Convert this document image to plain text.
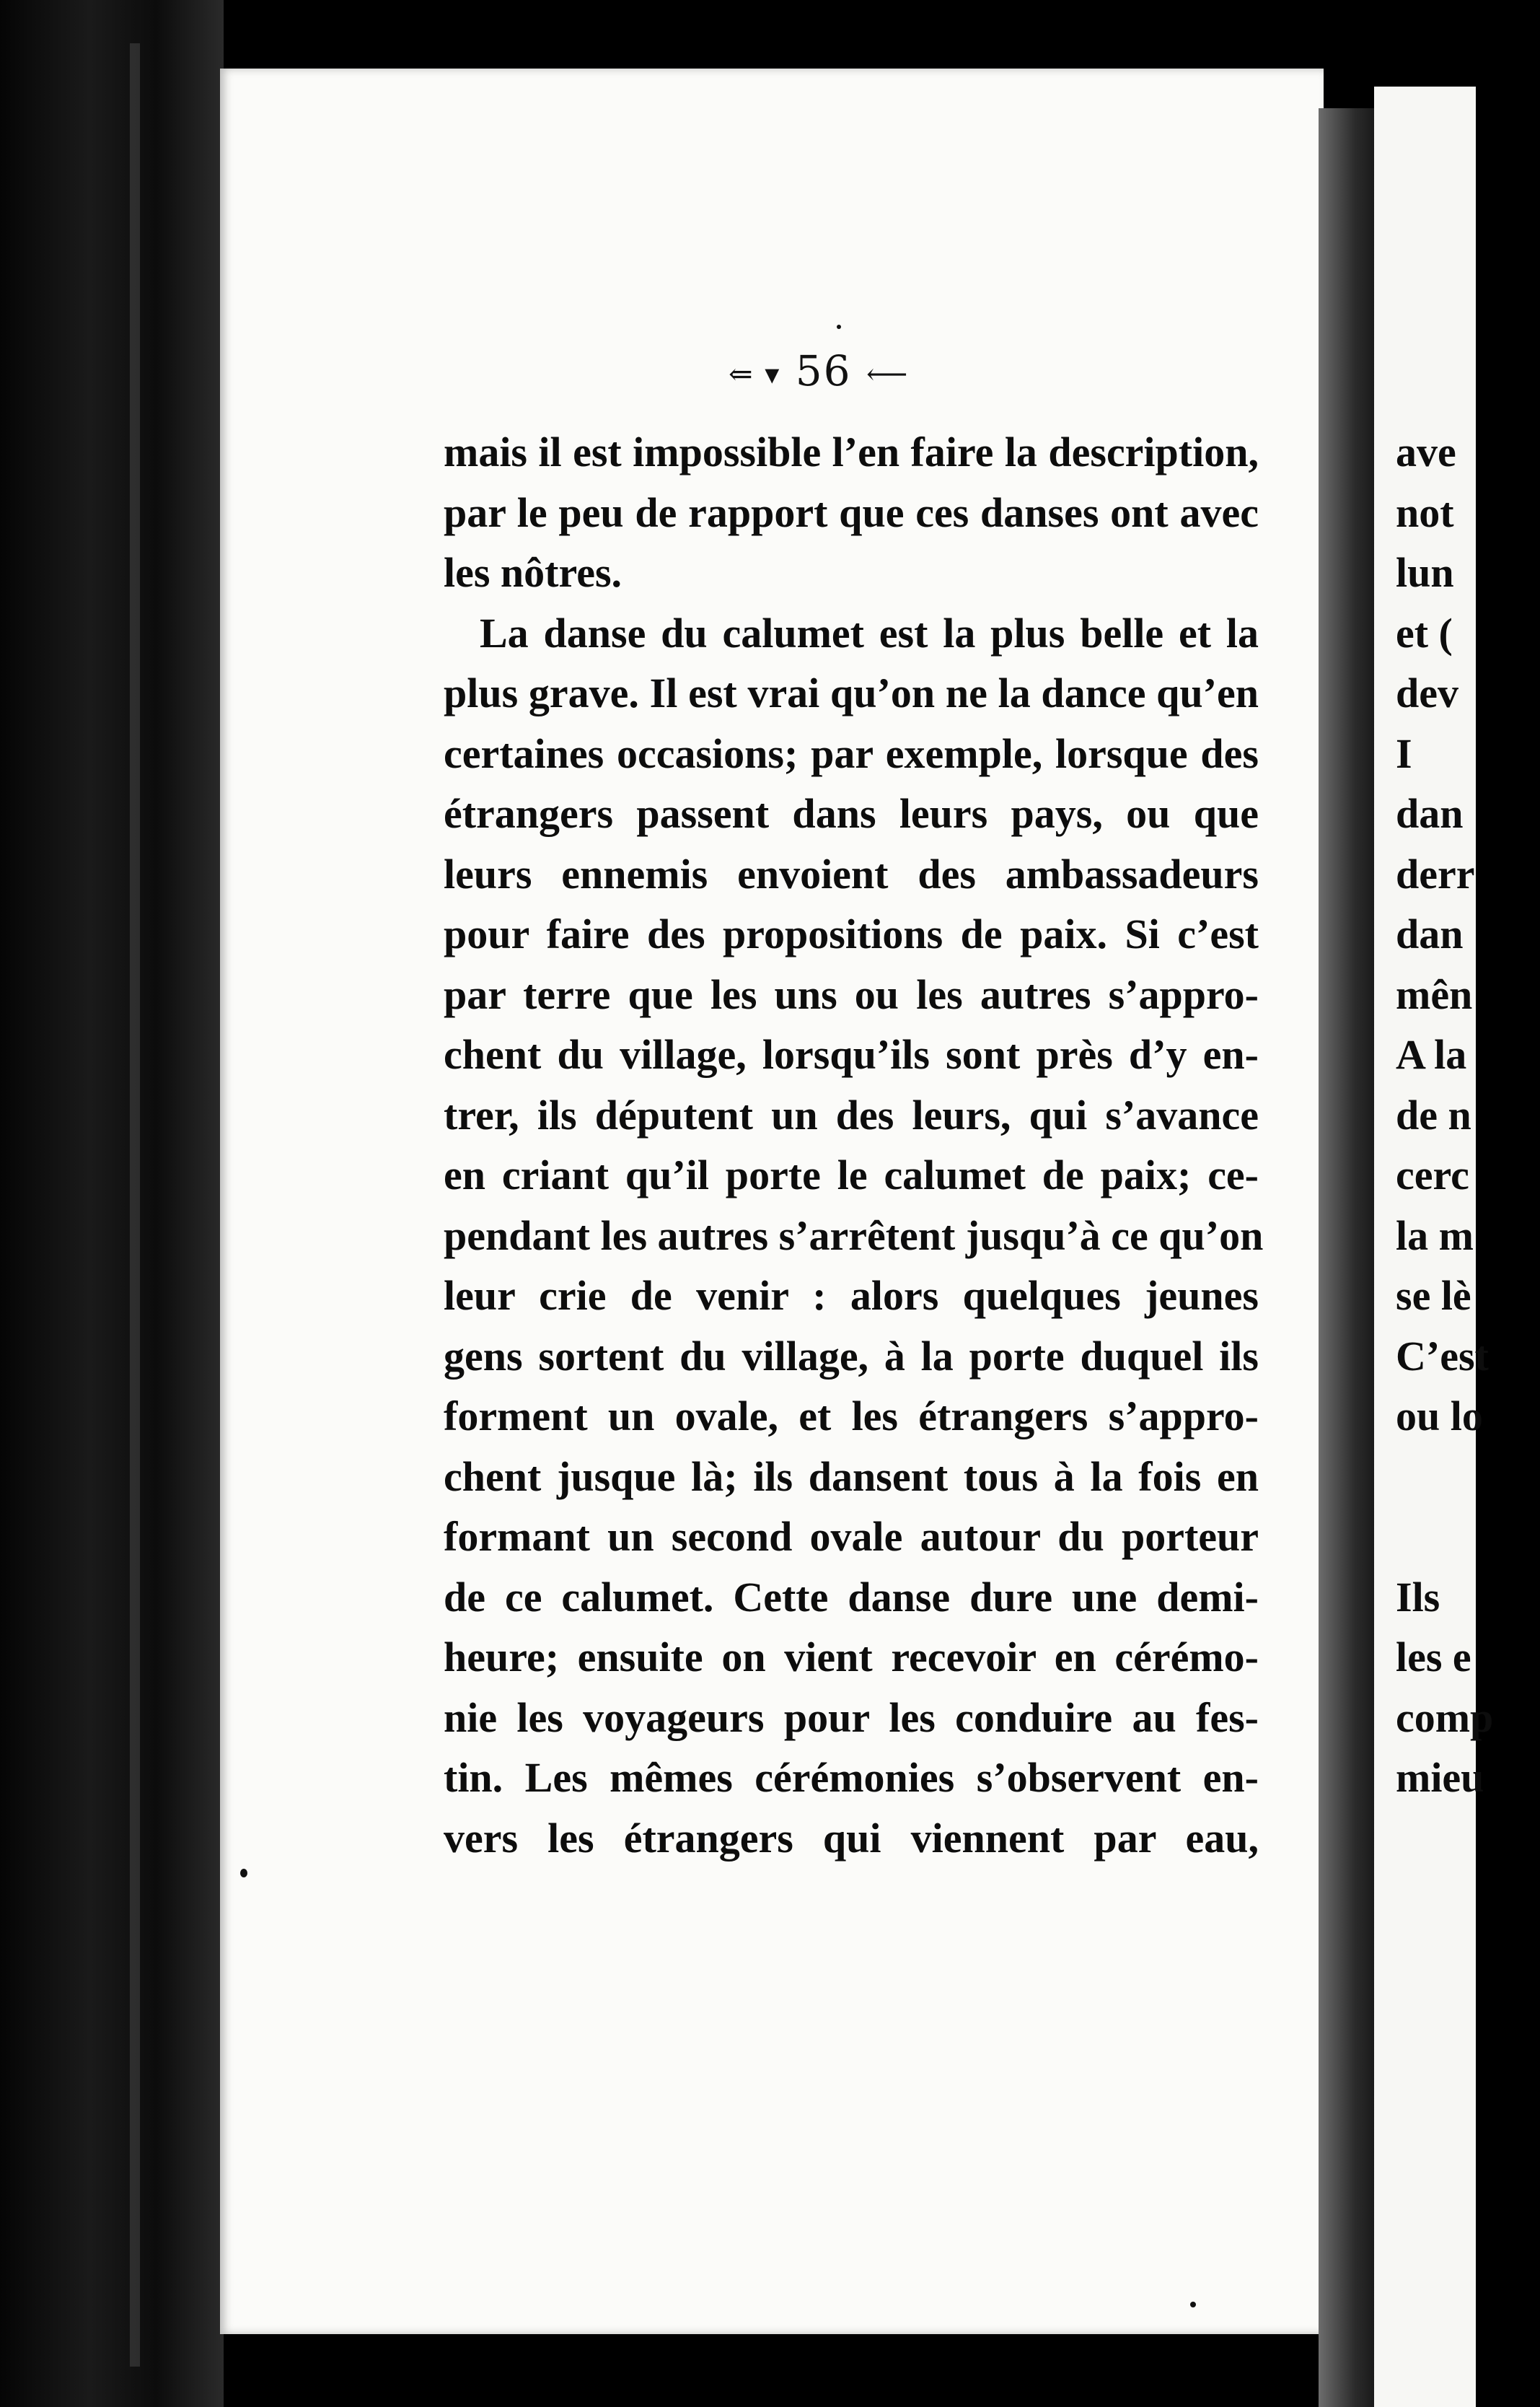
⇐ ▾ 56 ⟵
mais il est impossible l’en faire la description,
par le peu de rapport que ces danses ont avec
les nôtres.
La danse du calumet est la plus belle et la
plus grave. Il est vrai qu’on ne la dance qu’en
certaines occasions; par exemple, lorsque des
étrangers passent dans leurs pays, ou que
leurs ennemis envoient des ambassadeurs
pour faire des propositions de paix. Si c’est
par terre que les uns ou les autres s’appro-
chent du village, lorsqu’ils sont près d’y en-
trer, ils députent un des leurs, qui s’avance
en criant qu’il porte le calumet de paix; ce-
pendant les autres s’arrêtent jusqu’à ce qu’on
leur crie de venir : alors quelques jeunes
gens sortent du village, à la porte duquel ils
forment un ovale, et les étrangers s’appro-
chent jusque là; ils dansent tous à la fois en
formant un second ovale autour du porteur
de ce calumet. Cette danse dure une demi-
heure; ensuite on vient recevoir en cérémo-
nie les voyageurs pour les conduire au fes-
tin. Les mêmes cérémonies s’observent en-
vers les étrangers qui viennent par eau,
ave
not
lun
et (
dev
I
dan
derr
dan
mên
A la
de n
cerc
la m
se lè
C’est
ou lo
Ils
les e
comp
mieu
